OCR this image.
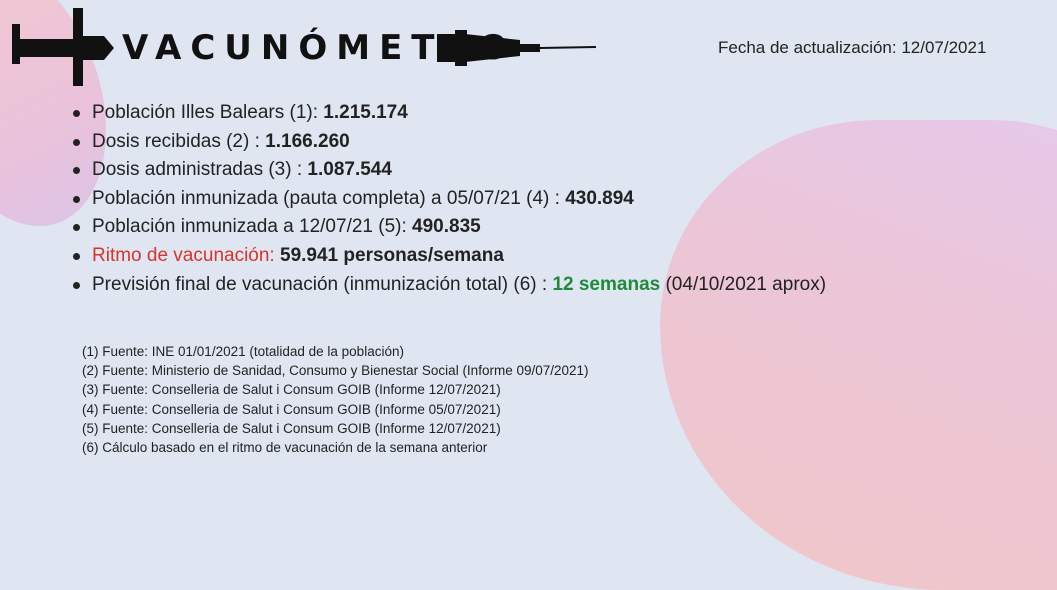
VACUNÓMETRO	Fecha de actualización: 12/07/2021
Población Illes Balears (1): 1.215.174
Dosis recibidas (2) : 1.166.260
Dosis administradas (3) : 1.087.544
Población inmunizada (pauta completa) a 05/07/21 (4) : 430.894
Población inmunizada a 12/07/21 (5): 490.835
Ritmo de vacunación: 59.941 personas/semana
Previsión final de vacunación (inmunización total) (6) : 12 semanas (04/10/2021 aprox)
(1) Fuente: INE 01/01/2021 (totalidad de la población)
(2) Fuente: Ministerio de Sanidad, Consumo y Bienestar Social (Informe 09/07/2021)
(3) Fuente: Conselleria de Salut i Consum GOIB (Informe 12/07/2021)
(4) Fuente: Conselleria de Salut i Consum GOIB (Informe 05/07/2021)
(5) Fuente: Conselleria de Salut i Consum GOIB (Informe 12/07/2021)
(6) Cálculo basado en el ritmo de vacunación de la semana anterior
